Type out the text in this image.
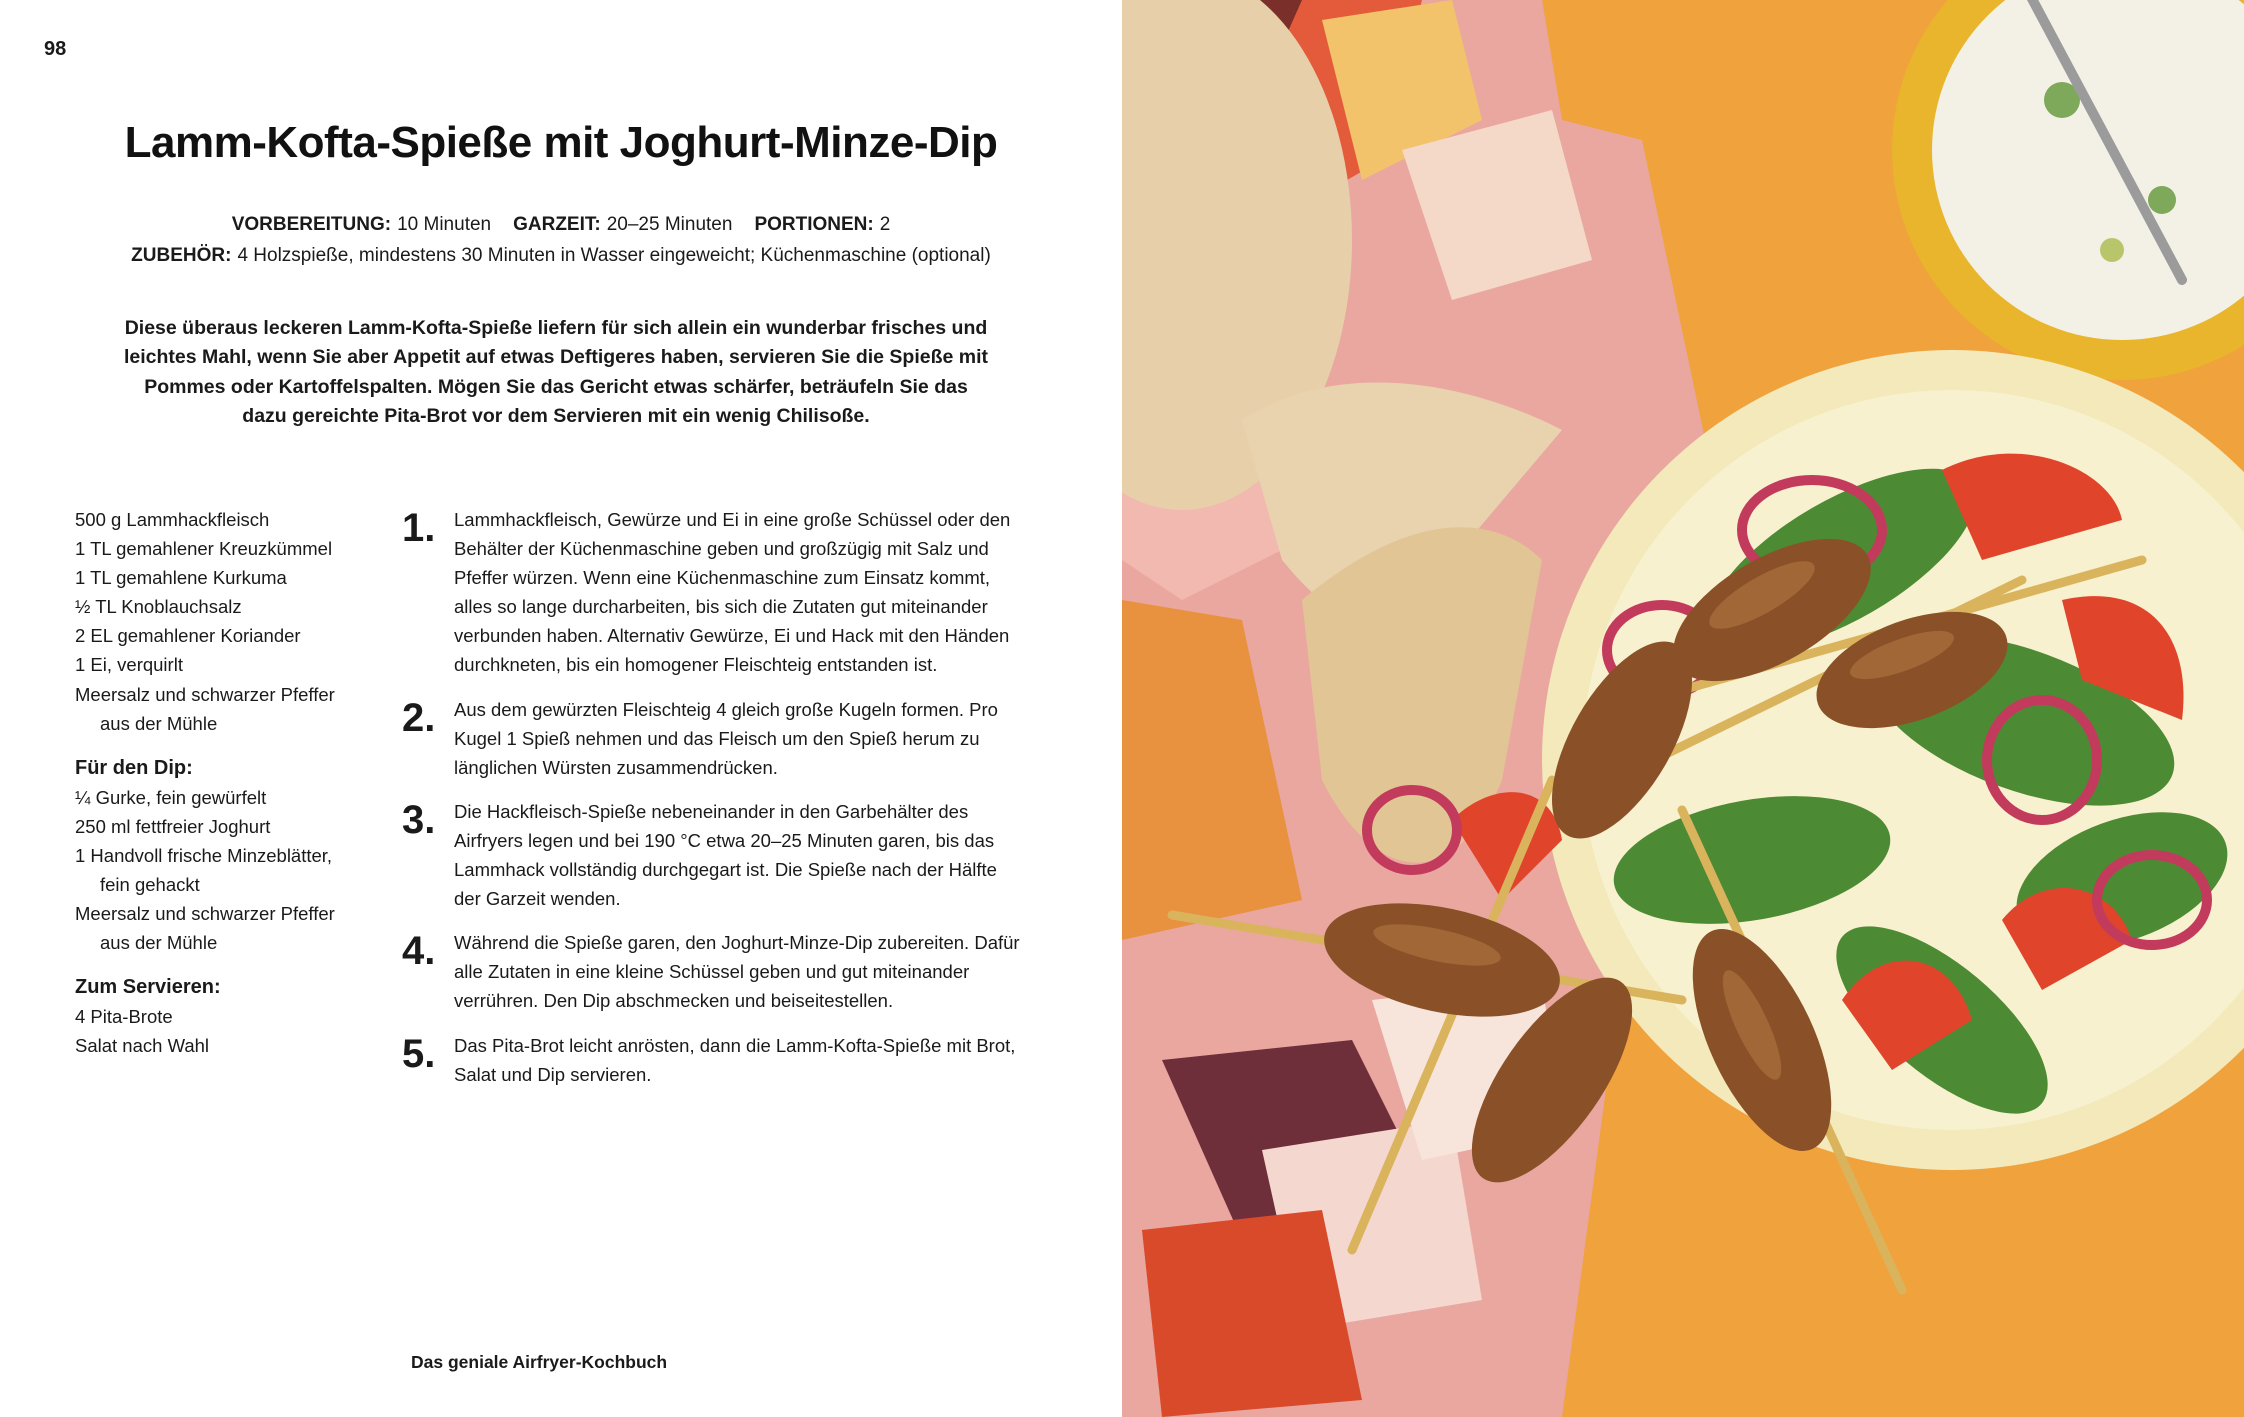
98
Lamm-Kofta-Spieße mit Joghurt-Minze-Dip
VORBEREITUNG: 10 Minuten GARZEIT: 20–25 Minuten PORTIONEN: 2
ZUBEHÖR: 4 Holzspieße, mindestens 30 Minuten in Wasser eingeweicht; Küchenmaschine (optional)

Diese überaus leckeren Lamm-Kofta-Spieße liefern für sich allein ein wunderbar frisches und leichtes Mahl, wenn Sie aber Appetit auf etwas Deftigeres haben, servieren Sie die Spieße mit Pommes oder Kartoffelspalten. Mögen Sie das Gericht etwas schärfer, beträufeln Sie das dazu gereichte Pita-Brot vor dem Servieren mit ein wenig Chilisoße.

500 g Lammhackfleisch
1 TL gemahlener Kreuzkümmel
1 TL gemahlene Kurkuma
½ TL Knoblauchsalz
2 EL gemahlener Koriander
1 Ei, verquirlt
Meersalz und schwarzer Pfeffer
aus der Mühle
Für den Dip:
¼ Gurke, fein gewürfelt
250 ml fettfreier Joghurt
1 Handvoll frische Minzeblätter,
fein gehackt
Meersalz und schwarzer Pfeffer
aus der Mühle
Zum Servieren:
4 Pita-Brote
Salat nach Wahl
1. Lammhackfleisch, Gewürze und Ei in eine große Schüssel oder den Behälter der Küchenmaschine geben und großzügig mit Salz und Pfeffer würzen. Wenn eine Küchenmaschine zum Einsatz kommt, alles so lange durcharbeiten, bis sich die Zutaten gut miteinander verbunden haben. Alternativ Gewürze, Ei und Hack mit den Händen durchkneten, bis ein homogener Fleischteig entstanden ist.
2. Aus dem gewürzten Fleischteig 4 gleich große Kugeln formen. Pro Kugel 1 Spieß nehmen und das Fleisch um den Spieß herum zu länglichen Würsten zusammendrücken.
3. Die Hackfleisch-Spieße nebeneinander in den Garbehälter des Airfryers legen und bei 190 °C etwa 20–25 Minuten garen, bis das Lammhack vollständig durchgegart ist. Die Spieße nach der Hälfte der Garzeit wenden.
4. Während die Spieße garen, den Joghurt-Minze-Dip zubereiten. Dafür alle Zutaten in eine kleine Schüssel geben und gut miteinander verrühren. Den Dip abschmecken und beiseitestellen.
5. Das Pita-Brot leicht anrösten, dann die Lamm-Kofta-Spieße mit Brot, Salat und Dip servieren.
Das geniale Airfryer-Kochbuch
